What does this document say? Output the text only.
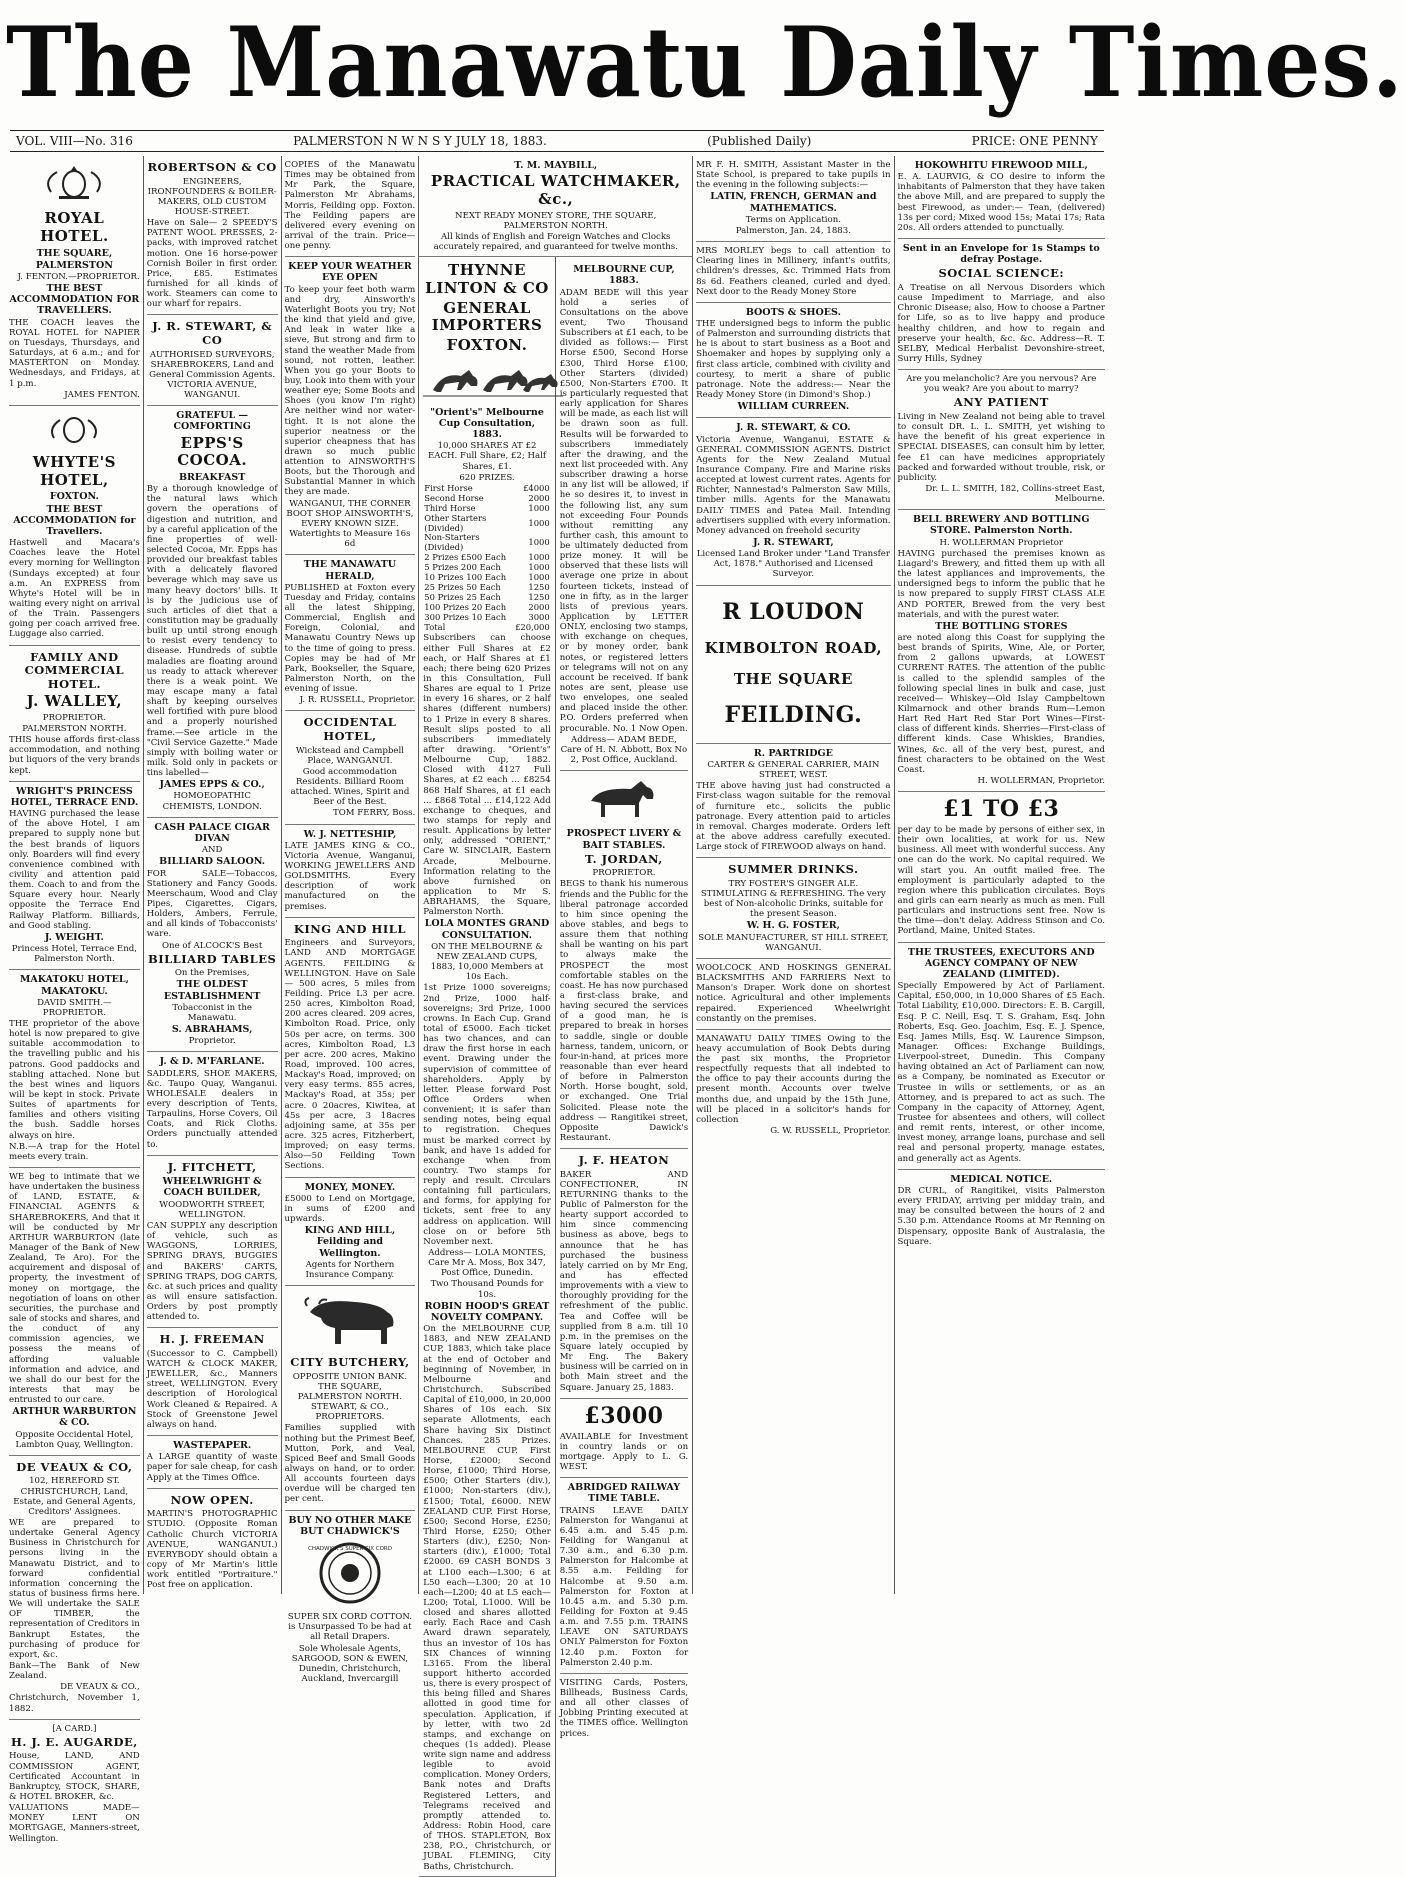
The Manawatu Daily Times.
VOL. VIII—No. 316	PALMERSTON N W N S Y JULY 18, 1883.	(Published Daily)	PRICE: ONE PENNY
ROYAL HOTEL.
THE SQUARE,
PALMERSTON

J. FENTON.—PROPRIETOR.

THE BEST ACCOMMODATION FOR TRAVELLERS.

THE COACH leaves the ROYAL HOTEL for NAPIER on Tuesdays, Thursdays, and Saturdays, at 6 a.m.; and for MASTERTON on Monday. Wednesdays, and Fridays, at 1 p.m.

JAMES FENTON.

WHYTE'S HOTEL,
FOXTON.
THE BEST ACCOMMODATION for Travellers.

Hastwell and Macara's Coaches leave the Hotel every morning for Wellington (Sundays excepted) at four a.m. An EXPRESS from Whyte's Hotel will be in waiting every night on arrival of the Train. Passengers going per coach arrived free. Luggage also carried.

FAMILY AND COMMERCIAL HOTEL.
J. WALLEY,

PROPRIETOR.

PALMERSTON NORTH.

THIS house affords first-class accommodation, and nothing but liquors of the very brands kept.

WRIGHT'S PRINCESS HOTEL, TERRACE END.

HAVING purchased the lease of the above Hotel, I am prepared to supply none but the best brands of liquors only. Boarders will find every convenience combined with civility and attention paid them. Coach to and from the Square every hour. Nearly opposite the Terrace End Railway Platform. Billiards, and Good stabling.

J. WEIGHT.

Princess Hotel, Terrace End, Palmerston North.

MAKATOKU HOTEL, MAKATOKU.

DAVID SMITH.—PROPRIETOR.

THE proprietor of the above hotel is now prepared to give suitable accommodation to the travelling public and his patrons. Good paddocks and stabling attached. None but the best wines and liquors will be kept in stock. Private Suites of apartments for families and others visiting the bush. Saddle horses always on hire.

N.B.—A trap for the Hotel meets every train.

WE beg to intimate that we have undertaken the business of LAND, ESTATE, & FINANCIAL AGENTS & SHAREBROKERS, And that it will be conducted by Mr ARTHUR WARBURTON (late Manager of the Bank of New Zealand, Te Aro). For the acquirement and disposal of property, the investment of money on mortgage, the negotiation of loans on other securities, the purchase and sale of stocks and shares, and the conduct of any commission agencies, we possess the means of affording valuable information and advice, and we shall do our best for the interests that may be entrusted to our care.

ARTHUR WARBURTON & CO.

Opposite Occidental Hotel, Lambton Quay, Wellington.

DE VEAUX & CO,

102, HEREFORD ST. CHRISTCHURCH, Land, Estate, and General Agents, Creditors' Assignees.

WE are prepared to undertake General Agency Business in Christchurch for persons living in the Manawatu District, and to forward confidential information concerning the status of business firms here. We will undertake the SALE OF TIMBER, the representation of Creditors in Bankrupt Estates, the purchasing of produce for export, &c.

Bank—The Bank of New Zealand.

DE VEAUX & CO.,

Christchurch, November 1, 1882.

[A CARD.]

H. J. E. AUGARDE,

House, LAND, AND COMMISSION AGENT, Certificated Accountant in Bankruptcy, STOCK, SHARE, & HOTEL BROKER, &c.

VALUATIONS MADE—MONEY LENT ON MORTGAGE, Manners-street, Wellington.

ROBERTSON & CO

ENGINEERS, IRONFOUNDERS & BOILER-MAKERS, OLD CUSTOM HOUSE-STREET.

Have on Sale— 2 SPEEDY'S PATENT WOOL PRESSES, 2-packs, with improved ratchet motion. One 16 horse-power Cornish Boiler in first order. Price, £85. Estimates furnished for all kinds of work. Steamers can come to our wharf for repairs.

J. R. STEWART, & CO

AUTHORISED SURVEYORS, SHAREBROKERS, Land and General Commission Agents. VICTORIA AVENUE, WANGANUI.

GRATEFUL — COMFORTING
EPPS'S COCOA.
BREAKFAST

By a thorough knowledge of the natural laws which govern the operations of digestion and nutrition, and by a careful application of the fine properties of well-selected Cocoa, Mr. Epps has provided our breakfast tables with a delicately flavored beverage which may save us many heavy doctors' bills. It is by the judicious use of such articles of diet that a constitution may be gradually built up until strong enough to resist every tendency to disease. Hundreds of subtle maladies are floating around us ready to attack wherever there is a weak point. We may escape many a fatal shaft by keeping ourselves well fortified with pure blood and a properly nourished frame.—See article in the "Civil Service Gazette." Made simply with boiling water or milk. Sold only in packets or tins labelled—

JAMES EPPS & CO.,

HOMOEOPATHIC CHEMISTS, LONDON.

CASH PALACE CIGAR DIVAN

AND

BILLIARD SALOON.

FOR SALE—Tobaccos, Stationery and Fancy Goods. Meerschaum, Wood and Clay Pipes, Cigarettes, Cigars, Holders, Ambers, Ferrule, and all kinds of Tobacconists' ware.

One of ALCOCK'S Best

BILLIARD TABLES

On the Premises,

THE OLDEST ESTABLISHMENT

Tobacconist in the Manawatu.

S. ABRAHAMS,

Proprietor.

J. & D. M'FARLANE.

SADDLERS, SHOE MAKERS, &c. Taupo Quay, Wanganui. WHOLESALE dealers in every description of Tents, Tarpaulins, Horse Covers, Oil Coats, and Rick Cloths. Orders punctually attended to.

J. FITCHETT,
WHEELWRIGHT & COACH BUILDER,

WOODWORTH STREET, WELLINGTON.

CAN SUPPLY any description of vehicle, such as WAGGONS, LORRIES, SPRING DRAYS, BUGGIES and BAKERS' CARTS, SPRING TRAPS, DOG CARTS, &c. at such prices and quality as will ensure satisfaction. Orders by post promptly attended to.

H. J. FREEMAN

(Successor to C. Campbell) WATCH & CLOCK MAKER, JEWELLER, &c., Manners street, WELLINGTON. Every description of Horological Work Cleaned & Repaired. A Stock of Greenstone Jewel always on hand.

WASTEPAPER.

A LARGE quantity of waste paper for sale cheap, for cash Apply at the Times Office.

NOW OPEN.

MARTIN'S PHOTOGRAPHIC STUDIO. (Opposite Roman Catholic Church VICTORIA AVENUE, WANGANUI.) EVERYBODY should obtain a copy of Mr Martin's little work entitled "Portraiture." Post free on application.

COPIES of the Manawatu Times may be obtained from Mr Park, the Square, Palmerston Mr Abrahams, Morris, Feilding opp. Foxton. The Feilding papers are delivered every evening on arrival of the train. Price—one penny.

KEEP YOUR WEATHER EYE OPEN

To keep your feet both warm and dry, Ainsworth's Waterlight Boots you try; Not the kind that yield and give, And leak in water like a sieve, But strong and firm to stand the weather Made from sound, not rotten, leather. When you go your Boots to buy, Look into them with your weather eye; Some Boots and Shoes (you know I'm right) Are neither wind nor water-tight. It is not alone the superior neatness or the superior cheapness that has drawn so much public attention to AINSWORTH'S Boots, but the Thorough and Substantial Manner in which they are made.

WANGANUI, THE CORNER BOOT SHOP AINSWORTH'S, EVERY KNOWN SIZE. Watertights to Measure 16s 6d

THE MANAWATU HERALD,

PUBLISHED at Foxton every Tuesday and Friday, contains all the latest Shipping, Commercial, English and Foreign, Colonial, and Manawatu Country News up to the time of going to press. Copies may be had of Mr Park, Bookseller, the Square, Palmerston North, on the evening of issue.

J. R. RUSSELL, Proprietor.

OCCIDENTAL HOTEL,

Wickstead and Campbell Place, WANGANUI.

Good accommodation Residents. Billiard Room attached. Wines, Spirit and Beer of the Best.

TOM FERRY, Boss.

W. J. NETTESHIP,

LATE JAMES KING & CO., Victoria Avenue, Wanganui, WORKING JEWELLERS AND GOLDSMITHS. Every description of work manufactured on the premises.

KING AND HILL

Engineers and Surveyors, LAND AND MORTGAGE AGENTS. FEILDING & WELLINGTON. Have on Sale— 500 acres, 5 miles from Feilding. Price L3 per acre. 250 acres, Kimbolton Road, 200 acres cleared. 209 acres, Kimbolton Road. Price, only 50s per acre, on terms. 300 acres, Kimbolton Road, L3 per acre. 200 acres, Makino Road, improved. 100 acres, Mackay's Road, improved; on very easy terms. 855 acres, Mackay's Road, at 35s; per acre. 0 20acres, Kiwitea, at 45s per acre, 3 18acres adjoining same, at 35s per acre. 325 acres, Fitzherbert, improved; on easy terms. Also—50 Feilding Town Sections.

MONEY, MONEY.

£5000 to Lend on Mortgage, in sums of £200 and upwards.

KING AND HILL, Feilding and Wellington.

Agents for Northern Insurance Company.

CITY BUTCHERY,

OPPOSITE UNION BANK. THE SQUARE, PALMERSTON NORTH. STEWART, & CO., PROPRIETORS.

Families supplied with nothing but the Primest Beef, Mutton, Pork, and Veal, Spiced Beef and Small Goods always on hand, or to order. All accounts fourteen days overdue will be charged ten per cent.

BUY NO OTHER MAKE BUT CHADWICK'S
CHADWICK'S SUPER SIX CORD

SUPER SIX CORD COTTON. is Unsurpassed To be had at all Retail Drapers.

Sole Wholesale Agents, SARGOOD, SON & EWEN, Dunedin, Christchurch, Auckland, Invercargill

T. M. MAYBILL,
PRACTICAL WATCHMAKER, &c.,

NEXT READY MONEY STORE, THE SQUARE, PALMERSTON NORTH.

All kinds of English and Foreign Watches and Clocks accurately repaired, and guaranteed for twelve months.

THYNNE LINTON & CO
GENERAL IMPORTERS
FOXTON.
"Orient's" Melbourne Cup Consultation, 1883.

10,000 SHARES AT £2 EACH. Full Share, £2; Half Shares, £1.

620 PRIZES.

First Horse	£4000
Second Horse	2000
Third Horse	1000
Other Starters (Divided)	1000
Non-Starters (Divided)	1000
2 Prizes £500 Each	1000
5 Prizes 200 Each	1000
10 Prizes 100 Each	1000
25 Prizes 50 Each	1250
50 Prizes 25 Each	1250
100 Prizes 20 Each	2000
300 Prizes 10 Each	3000
Total	£20,000

Subscribers can choose either Full Shares at £2 each, or Half Shares at £1 each; there being 620 Prizes in this Consultation, Full Shares are equal to 1 Prize in every 16 shares, or 2 half shares (different numbers) to 1 Prize in every 8 shares. Result slips posted to all subscribers immediately after drawing. "Orient's" Melbourne Cup, 1882. Closed with 4127 Full Shares, at £2 each ... £8254 868 Half Shares, at £1 each ... £868 Total ... £14,122 Add exchange to cheques, and two stamps for reply and result. Applications by letter only, addressed "ORIENT," Care W. SINCLAIR, Eastern Arcade, Melbourne. Information relating to the above furnished on application to Mr S. ABRAHAMS, the Square, Palmerston North.

LOLA MONTES GRAND CONSULTATION.

ON THE MELBOURNE & NEW ZEALAND CUPS, 1883, 10,000 Members at 10s Each.

1st Prize 1000 sovereigns; 2nd Prize, 1000 half-sovereigns; 3rd Prize, 1000 crowns. In Each Cup. Grand total of £5000. Each ticket has two chances, and can draw the first horse in each event. Drawing under the supervision of committee of shareholders. Apply by letter. Please forward Post Office Orders when convenient; it is safer than sending notes, being equal to registration. Cheques must be marked correct by bank, and have 1s added for exchange when from country. Two stamps for reply and result. Circulars containing full particulars, and forms, for applying for tickets, sent free to any address on application. Will close on or before 5th November next.

Address— LOLA MONTES, Care Mr A. Moss, Box 347, Post Office, Dunedin.

Two Thousand Pounds for 10s.

ROBIN HOOD'S GREAT NOVELTY COMPANY.

On the MELBOURNE CUP, 1883, and NEW ZEALAND CUP, 1883, which take place at the end of October and beginning of November, in Melbourne and Christchurch. Subscribed Capital of £10,000, in 20,000 Shares of 10s each. Six separate Allotments, each Share having Six Distinct Chances. 285 Prizes. MELBOURNE CUP. First Horse, £2000; Second Horse, £1000; Third Horse, £500; Other Starters (div.), £1000; Non-starters (div.), £1500; Total, £6000. NEW ZEALAND CUP. First Horse, £500; Second Horse, £250; Third Horse, £250; Other Starters (div.), £250; Non-starters (div.), £1000; Total £2000. 69 CASH BONDS 3 at L100 each—L300; 6 at L50 each—L300; 20 at 10 each—L200; 40 at L5 each—L200; Total, L1000. Will be closed and shares allotted early. Each Race and Cash Award drawn separately, thus an investor of 10s has SIX Chances of winning L3165. From the liberal support hitherto accorded us, there is every prospect of this being filled and Shares allotted in good time for speculation. Application, if by letter, with two 2d stamps, and exchange on cheques (1s added). Please write sign name and address legible to avoid complication. Money Orders, Bank notes and Drafts Registered Letters, and Telegrams received and promptly attended to. Address: Robin Hood, care of THOS. STAPLETON, Box 238, P.O., Christchurch, or JUBAL FLEMING, City Baths, Christchurch.

MELBOURNE CUP, 1883.

ADAM BEDE will this year hold a series of Consultations on the above event, Two Thousand Subscribers at £1 each, to be divided as follows:— First Horse £500, Second Horse £300, Third Horse £100, Other Starters (divided) £500, Non-Starters £700. It is particularly requested that early application for Shares will be made, as each list will be drawn soon as full. Results will be forwarded to subscribers immediately after the drawing, and the next list proceeded with. Any subscriber drawing a horse in any list will be allowed, if he so desires it, to invest in the following list, any sum not exceeding Four Pounds without remitting any further cash, this amount to be ultimately deducted from prize money. It will be observed that these lists will average one prize in about fourteen tickets, instead of one in fifty, as in the larger lists of previous years. Application by LETTER ONLY, enclosing two stamps, with exchange on cheques, or by money order, bank notes, or registered letters or telegrams will not on any account be received. If bank notes are sent, please use two envelopes, one sealed and placed inside the other. P.O. Orders preferred when procurable. No. 1 Now Open.

Address— ADAM BEDE, Care of H. N. Abbott, Box No 2, Post Office, Auckland.

PROSPECT LIVERY & BAIT STABLES.
T. JORDAN,

PROPRIETOR.

BEGS to thank his numerous friends and the Public for the liberal patronage accorded to him since opening the above stables, and begs to assure them that nothing shall be wanting on his part to always make the PROSPECT the most comfortable stables on the coast. He has now purchased a first-class brake, and having secured the services of a good man, he is prepared to break in horses to saddle, single or double harness, tandem, unicorn, or four-in-hand, at prices more reasonable than ever heard of before in Palmerston North. Horse bought, sold, or exchanged. One Trial Solicited. Please note the address — Rangitikei street, Opposite Dawick's Restaurant.

J. F. HEATON

BAKER AND CONFECTIONER, IN RETURNING thanks to the Public of Palmerston for the hearty support accorded to him since commencing business as above, begs to announce that he has purchased the business lately carried on by Mr Eng, and has effected improvements with a view to thoroughly providing for the refreshment of the public. Tea and Coffee will be supplied from 8 a.m. till 10 p.m. in the premises on the Square lately occupied by Mr Eng. The Bakery business will be carried on in both Main street and the Square. January 25, 1883.

£3000

AVAILABLE for Investment in country lands or on mortgage. Apply to L. G. WEST.

ABRIDGED RAILWAY TIME TABLE.

TRAINS LEAVE DAILY Palmerston for Wanganui at 6.45 a.m. and 5.45 p.m. Feilding for Wanganui at 7.30 a.m., and 6.30 p.m. Palmerston for Halcombe at 8.55 a.m. Feilding for Halcombe at 9.50 a.m. Palmerston for Foxton at 10.45 a.m. and 5.30 p.m. Feilding for Foxton at 9.45 a.m. and 7.55 p.m. TRAINS LEAVE ON SATURDAYS ONLY Palmerston for Foxton 12.40 p.m. Foxton for Palmerston 2.40 p.m.

VISITING Cards, Posters, Billheads, Business Cards, and all other classes of Jobbing Printing executed at the TIMES office. Wellington prices.

MR F. H. SMITH, Assistant Master in the State School, is prepared to take pupils in the evening in the following subjects:—

LATIN, FRENCH, GERMAN and MATHEMATICS.

Terms on Application.

Palmerston, Jan. 24, 1883.

MRS MORLEY begs to call attention to Clearing lines in Millinery, infant's outfits, children's dresses, &c. Trimmed Hats from 8s 6d. Feathers cleaned, curled and dyed. Next door to the Ready Money Store

BOOTS & SHOES.

THE undersigned begs to inform the public of Palmerston and surrounding districts that he is about to start business as a Boot and Shoemaker and hopes by supplying only a first class article, combined with civility and courtesy, to merit a share of public patronage. Note the address:— Near the Ready Money Store (in Dimond's Shop.)

WILLIAM CURREEN.
J. R. STEWART, & CO.

Victoria Avenue, Wanganui, ESTATE & GENERAL COMMISSION AGENTS. District Agents for the New Zealand Mutual Insurance Company. Fire and Marine risks accepted at lowest current rates. Agents for Richter, Nannestad's Palmerston Saw Mills, timber mills. Agents for the Manawatu DAILY TIMES and Patea Mail. Intending advertisers supplied with every information. Money advanced on freehold security

J. R. STEWART,

Licensed Land Broker under "Land Transfer Act, 1878." Authorised and Licensed Surveyor.

R LOUDON
KIMBOLTON ROAD,
THE SQUARE
FEILDING.
R. PARTRIDGE

CARTER & GENERAL CARRIER, MAIN STREET, WEST.

THE above having just had constructed a First-class wagon suitable for the removal of furniture etc., solicits the public patronage. Every attention paid to articles in removal. Charges moderate. Orders left at the above address carefully executed. Large stock of FIREWOOD always on hand.

SUMMER DRINKS.

TRY FOSTER'S GINGER ALE. STIMULATING & REFRESHING. The very best of Non-alcoholic Drinks, suitable for the present Season.

W. H. G. FOSTER,

SOLE MANUFACTURER, ST HILL STREET, WANGANUI.

WOOLCOCK AND HOSKINGS GENERAL BLACKSMITHS AND FARRIERS Next to Manson's Draper. Work done on shortest notice. Agricultural and other implements repaired. Experienced Wheelwright constantly on the premises.

MANAWATU DAILY TIMES Owing to the heavy accumulation of Book Debts during the past six months, the Proprietor respectfully requests that all indebted to the office to pay their accounts during the present month. Accounts over twelve months due, and unpaid by the 15th June, will be placed in a solicitor's hands for collection

G. W. RUSSELL, Proprietor.

HOKOWHITU FIREWOOD MILL,

E. A. LAURVIG, & CO desire to inform the inhabitants of Palmerston that they have taken the above Mill, and are prepared to supply the best Firewood, as under:— Tean, (delivered) 13s per cord; Mixed wood 15s; Matai 17s; Rata 20s. All orders attended to punctually.

Sent in an Envelope for 1s Stamps to defray Postage.
SOCIAL SCIENCE:

A Treatise on all Nervous Disorders which cause Impediment to Marriage, and also Chronic Disease; also, How to choose a Partner for Life, so as to live happy and produce healthy children, and how to regain and preserve your health, &c. &c. Address—R. T. SELBY, Medical Herbalist Devonshire-street, Surry Hills, Sydney

Are you melancholic? Are you nervous? Are you weak? Are you about to marry?

ANY PATIENT

Living in New Zealand not being able to travel to consult DR. L. L. SMITH, yet wishing to have the benefit of his great experience in SPECIAL DISEASES, can consult him by letter, fee £1 can have medicines appropriately packed and forwarded without trouble, risk, or publicity.

Dr. L. L. SMITH, 182, Collins-street East, Melbourne.

BELL BREWERY AND BOTTLING STORE. Palmerston North.

H. WOLLERMAN Proprietor

HAVING purchased the premises known as Liagard's Brewery, and fitted them up with all the latest appliances and improvements, the undersigned begs to inform the public that he is now prepared to supply FIRST CLASS ALE AND PORTER, Brewed from the very best materials, and with the purest water.

THE BOTTLING STORES

are noted along this Coast for supplying the best brands of Spirits, Wine, Ale, or Porter, from 2 gallons upwards, at LOWEST CURRENT RATES. The attention of the public is called to the splendid samples of the following special lines in bulk and case, just received— Whiskey—Old Islay Campbeltown Kilmarnock and other brands Rum—Lemon Hart Red Hart Red Star Port Wines—First-class of different kinds. Sherries—First-class of different kinds. Case Whiskies, Brandies, Wines, &c. all of the very best, purest, and finest characters to be obtained on the West Coast.

H. WOLLERMAN, Proprietor.

£1 TO £3

per day to be made by persons of either sex, in their own localities, at work for us. New business. All meet with wonderful success. Any one can do the work. No capital required. We will start you. An outfit mailed free. The employment is particularly adapted to the region where this publication circulates. Boys and girls can earn nearly as much as men. Full particulars and instructions sent free. Now is the time—don't delay. Address Stinson and Co. Portland, Maine, United States.

THE TRUSTEES, EXECUTORS AND AGENCY COMPANY OF NEW ZEALAND (LIMITED).

Specially Empowered by Act of Parliament. Capital, £50,000, in 10,000 Shares of £5 Each. Total Liability, £10,000. Directors: E. B. Cargill, Esq. P. C. Neill, Esq. T. S. Graham, Esq. John Roberts, Esq. Geo. Joachim, Esq. E. J. Spence, Esq. James Mills, Esq. W. Laurence Simpson, Manager. Offices: Exchange Buildings, Liverpool-street, Dunedin. This Company having obtained an Act of Parliament can now, as a Company, be nominated as Executor or Trustee in wills or settlements, or as an Attorney, and is prepared to act as such. The Company in the capacity of Attorney, Agent, Trustee for absentees and others, will collect and remit rents, interest, or other income, invest money, arrange loans, purchase and sell real and personal property, manage estates, and generally act as Agents.

MEDICAL NOTICE.

DR CURL, of Rangitikei, visits Palmerston every FRIDAY, arriving per midday train, and may be consulted between the hours of 2 and 5.30 p.m. Attendance Rooms at Mr Renning on Dispensary, opposite Bank of Australasia, the Square.
